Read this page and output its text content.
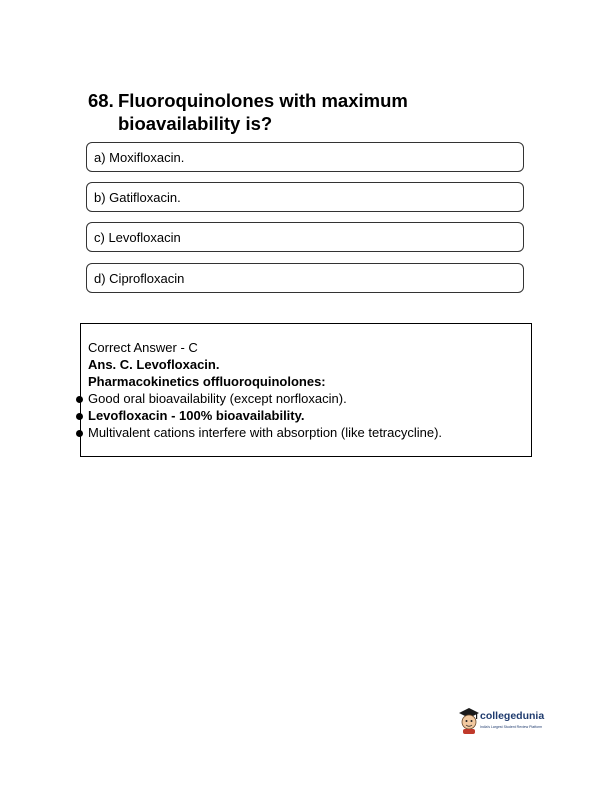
68. Fluoroquinolones with maximum bioavailability is?
a) Moxifloxacin.
b) Gatifloxacin.
c) Levofloxacin
d) Ciprofloxacin
Correct Answer - C
Ans. C. Levofloxacin.
Pharmacokinetics offluoroquinolones:
Good oral bioavailability (except norfloxacin).
Levofloxacin - 100% bioavailability.
Multivalent cations interfere with absorption (like tetracycline).
collegedunia
India's Largest Student Review Platform
